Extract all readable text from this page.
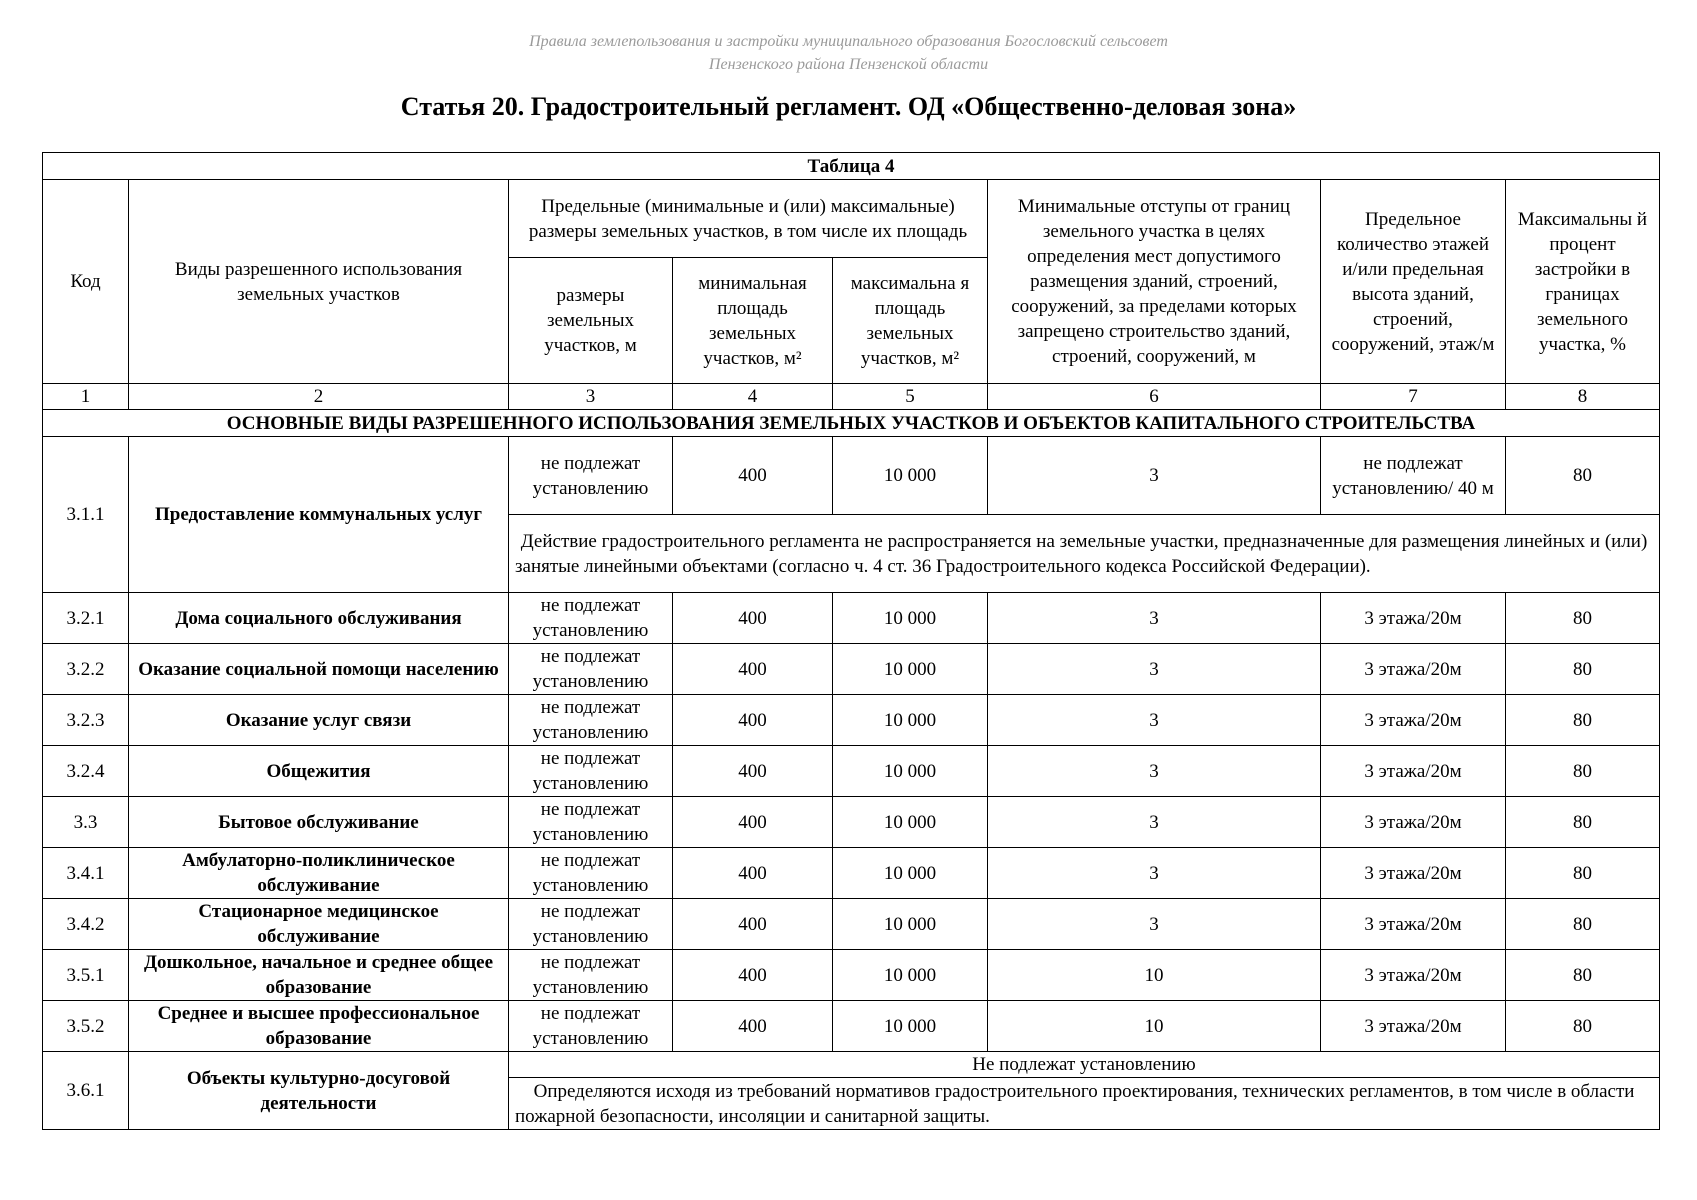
Правила землепользования и застройки муниципального образования Богословский сельсовет
Пензенского района Пензенской области
Статья 20. Градостроительный регламент. ОД «Общественно-деловая зона»
Таблица 4							
Код	Виды разрешенного использования земельных участков	Предельные (минимальные и (или) максимальные) размеры земельных участков, в том числе их площадь			Минимальные отступы от границ земельного участка в целях определения мест допустимого размещения зданий, строений, сооружений, за пределами которых запрещено строительство зданий, строений, сооружений, м	Предельное количество этажей и/или предельная высота зданий, строений, сооружений, этаж/м	Максимальны й процент застройки в границах земельного участка, %
		размеры земельных участков, м	минимальная площадь земельных участков, м²	максимальна я площадь земельных участков, м²			
1	2	3	4	5	6	7	8
ОСНОВНЫЕ ВИДЫ РАЗРЕШЕННОГО ИСПОЛЬЗОВАНИЯ ЗЕМЕЛЬНЫХ УЧАСТКОВ И ОБЪЕКТОВ КАПИТАЛЬНОГО СТРОИТЕЛЬСТВА							
3.1.1	Предоставление коммунальных услуг	не подлежат установлению	400	10 000	3	не подлежат установлению/ 40 м	80
		Действие градостроительного регламента не распространяется на земельные участки, предназначенные для размещения линейных и (или) занятые линейными объектами (согласно ч. 4 ст. 36 Градостроительного кодекса Российской Федерации).					
3.2.1	Дома социального обслуживания	не подлежат установлению	400	10 000	3	3 этажа/20м	80
3.2.2	Оказание социальной помощи населению	не подлежат установлению	400	10 000	3	3 этажа/20м	80
3.2.3	Оказание услуг связи	не подлежат установлению	400	10 000	3	3 этажа/20м	80
3.2.4	Общежития	не подлежат установлению	400	10 000	3	3 этажа/20м	80
3.3	Бытовое обслуживание	не подлежат установлению	400	10 000	3	3 этажа/20м	80
3.4.1	Амбулаторно-поликлиническое обслуживание	не подлежат установлению	400	10 000	3	3 этажа/20м	80
3.4.2	Стационарное медицинское обслуживание	не подлежат установлению	400	10 000	3	3 этажа/20м	80
3.5.1	Дошкольное, начальное и среднее общее образование	не подлежат установлению	400	10 000	10	3 этажа/20м	80
3.5.2	Среднее и высшее профессиональное образование	не подлежат установлению	400	10 000	10	3 этажа/20м	80
3.6.1	Объекты культурно-досуговой деятельности	Не подлежат установлению					
		Определяются исходя из требований нормативов градостроительного проектирования, технических регламентов, в том числе в области пожарной безопасности, инсоляции и санитарной защиты.					
